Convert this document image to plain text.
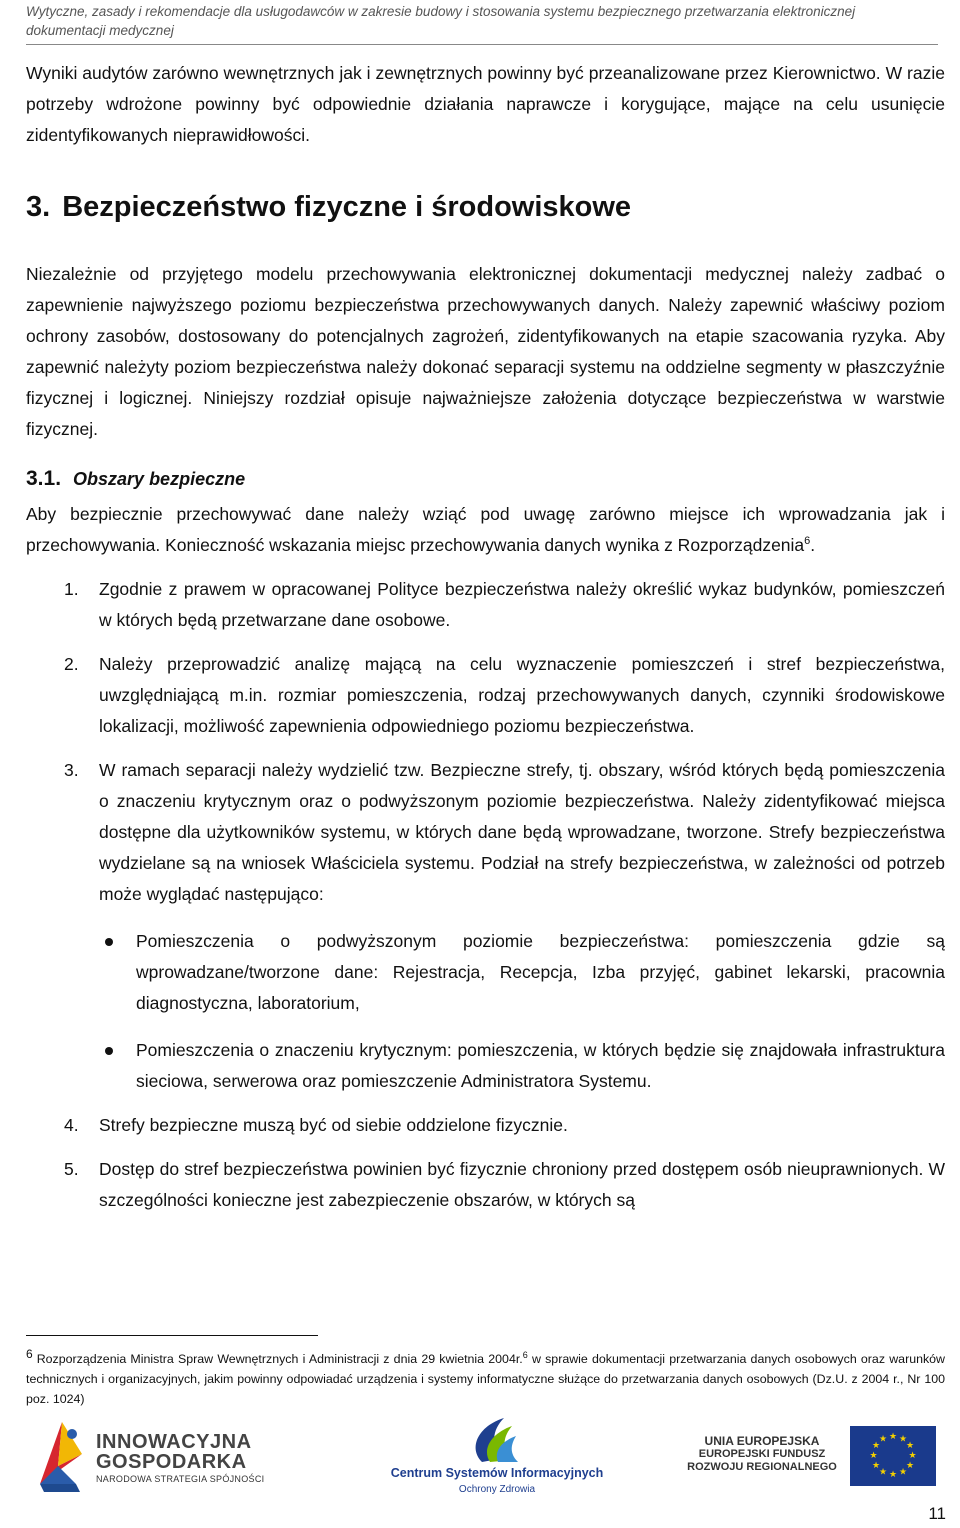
Wytyczne, zasady i rekomendacje dla usługodawców w zakresie budowy i stosowania systemu bezpiecznego przetwarzania elektronicznej

dokumentacji medycznej

Wyniki audytów zarówno wewnętrznych jak i zewnętrznych powinny być przeanalizowane przez Kierownictwo. W razie potrzeby wdrożone powinny być odpowiednie działania naprawcze i korygujące, mające na celu usunięcie zidentyfikowanych nieprawidłowości.

3. Bezpieczeństwo fizyczne i środowiskowe

Niezależnie od przyjętego modelu przechowywania elektronicznej dokumentacji medycznej należy zadbać o zapewnienie najwyższego poziomu bezpieczeństwa przechowywanych danych. Należy zapewnić właściwy poziom ochrony zasobów, dostosowany do potencjalnych zagrożeń, zidentyfikowanych na etapie szacowania ryzyka. Aby zapewnić należyty poziom bezpieczeństwa należy dokonać separacji systemu na oddzielne segmenty w płaszczyźnie fizycznej i logicznej. Niniejszy rozdział opisuje najważniejsze założenia dotyczące bezpieczeństwa w warstwie fizycznej.

3.1. Obszary bezpieczne

Aby bezpiecznie przechowywać dane należy wziąć pod uwagę zarówno miejsce ich wprowadzania jak i przechowywania. Konieczność wskazania miejsc przechowywania danych wynika z Rozporządzenia$^6$.

1. Zgodnie z prawem w opracowanej Polityce bezpieczeństwa należy określić wykaz budynków, pomieszczeń w których będą przetwarzane dane osobowe.
2. Należy przeprowadzić analizę mającą na celu wyznaczenie pomieszczeń i stref bezpieczeństwa, uwzględniającą m.in. rozmiar pomieszczenia, rodzaj przechowywanych danych, czynniki środowiskowe lokalizacji, możliwość zapewnienia odpowiedniego poziomu bezpieczeństwa.
3. W ramach separacji należy wydzielić tzw. Bezpieczne strefy, tj. obszary, wśród których będą pomieszczenia o znaczeniu krytycznym oraz o podwyższonym poziomie bezpieczeństwa. Należy zidentyfikować miejsca dostępne dla użytkowników systemu, w których dane będą wprowadzane, tworzone. Strefy bezpieczeństwa wydzielane są na wniosek Właściciela systemu. Podział na strefy bezpieczeństwa, w zależności od potrzeb może wyglądać następująco:
Pomieszczenia o podwyższonym poziomie bezpieczeństwa: pomieszczenia gdzie są wprowadzane/tworzone dane: Rejestracja, Recepcja, Izba przyjęć, gabinet lekarski, pracownia diagnostyczna, laboratorium,
Pomieszczenia o znaczeniu krytycznym: pomieszczenia, w których będzie się znajdowała infrastruktura sieciowa, serwerowa oraz pomieszczenie Administratora Systemu.
4. Strefy bezpieczne muszą być od siebie oddzielone fizycznie.
5. Dostęp do stref bezpieczeństwa powinien być fizycznie chroniony przed dostępem osób nieuprawnionych. W szczególności konieczne jest zabezpieczenie obszarów, w których są

6 Rozporządzenia Ministra Spraw Wewnętrznych i Administracji z dnia 29 kwietnia 2004r.$^6$ w sprawie dokumentacji przetwarzania danych osobowych oraz warunków technicznych i organizacyjnych, jakim powinny odpowiadać urządzenia i systemy informatyczne służące do przetwarzania danych osobowych (Dz.U. z 2004 r., Nr 100 poz. 1024)

INNOWACYJNA
GOSPODARKA
NARODOWA STRATEGIA SPÓJNOŚCI	Centrum Systemów Informacyjnych
Ochrony Zdrowia
UNIA EUROPEJSKA
EUROPEJSKI FUNDUSZ
ROZWOJU REGIONALNEGO
★ ★
★
★
★
★
★
★
★
★
★
★
11
